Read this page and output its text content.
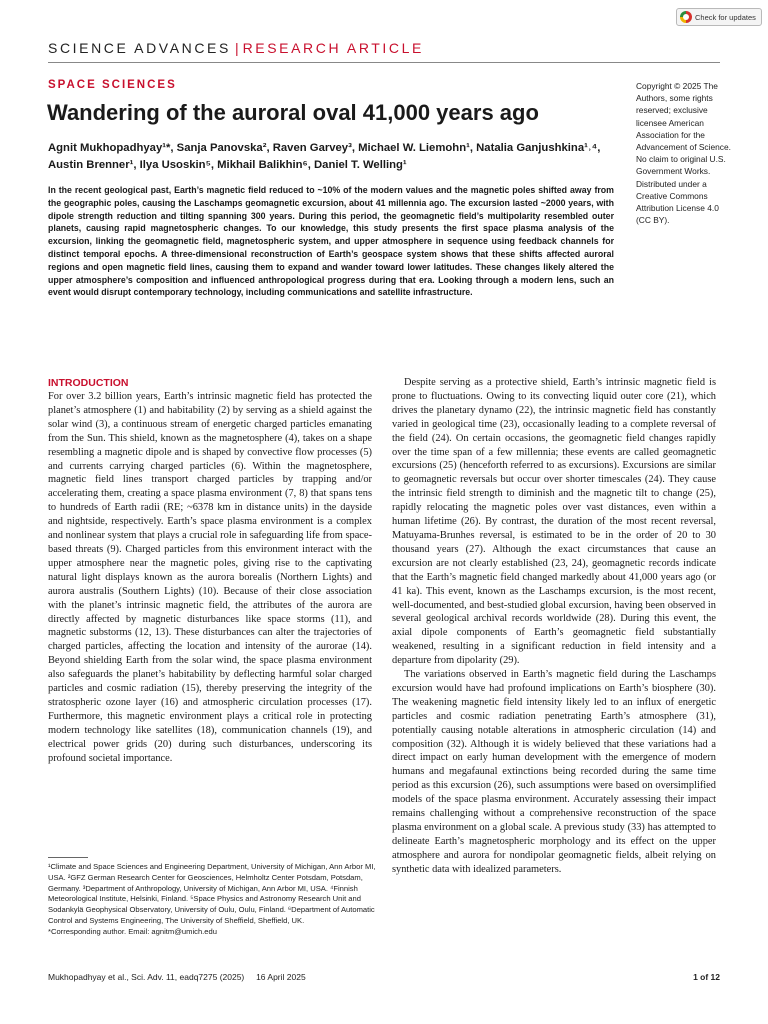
Check for updates
SCIENCE ADVANCES | RESEARCH ARTICLE
SPACE SCIENCES
Wandering of the auroral oval 41,000 years ago
Agnit Mukhopadhyay¹*, Sanja Panovska², Raven Garvey³, Michael W. Liemohn¹, Natalia Ganjushkina¹˒⁴, Austin Brenner¹, Ilya Usoskin⁵, Mikhail Balikhin⁶, Daniel T. Welling¹
Copyright © 2025 The Authors, some rights reserved; exclusive licensee American Association for the Advancement of Science. No claim to original U.S. Government Works. Distributed under a Creative Commons Attribution License 4.0 (CC BY).
In the recent geological past, Earth’s magnetic field reduced to ~10% of the modern values and the magnetic poles shifted away from the geographic poles, causing the Laschamps geomagnetic excursion, about 41 millennia ago. The excursion lasted ~2000 years, with dipole strength reduction and tilting spanning 300 years. During this period, the geomagnetic field’s multipolarity resembled outer planets, causing rapid magnetospheric changes. To our knowledge, this study presents the first space plasma analysis of the excursion, linking the geomagnetic field, magnetospheric system, and upper atmosphere in sequence using feedback channels for distinct temporal epochs. A three-dimensional reconstruction of Earth’s geospace system shows that these shifts affected auroral regions and open magnetic field lines, causing them to expand and wander toward lower latitudes. These changes likely altered the upper atmosphere’s composition and influenced anthropological progress during that era. Looking through a modern lens, such an event would disrupt contemporary technology, including communications and satellite infrastructure.
INTRODUCTION

For over 3.2 billion years, Earth’s intrinsic magnetic field has protected the planet’s atmosphere (1) and habitability (2) by serving as a shield against the solar wind (3), a continuous stream of energetic charged particles emanating from the Sun. This shield, known as the magnetosphere (4), takes on a shape resembling a magnetic dipole and is shaped by convective flow processes (5) and currents carrying charged particles (6). Within the magnetosphere, magnetic field lines transport charged particles by trapping and/or accelerating them, creating a space plasma environment (7, 8) that spans tens to hundreds of Earth radii (RE; ~6378 km in distance units) in the dayside and nightside, respectively. Earth’s space plasma environment is a complex and nonlinear system that plays a crucial role in safeguarding life from space-based threats (9). Charged particles from this environment interact with the upper atmosphere near the magnetic poles, giving rise to the captivating natural light displays known as the aurora borealis (Northern Lights) and aurora australis (Southern Lights) (10). Because of their close association with the planet’s intrinsic magnetic field, the attributes of the aurora are directly affected by magnetic disturbances like space storms (11), and magnetic substorms (12, 13). These disturbances can alter the trajectories of charged particles, affecting the location and intensity of the aurorae (14). Beyond shielding Earth from the solar wind, the space plasma environment also safeguards the planet’s habitability by deflecting harmful solar charged particles and cosmic radiation (15), thereby preserving the integrity of the stratospheric ozone layer (16) and atmospheric circulation processes (17). Furthermore, this magnetic environment plays a critical role in protecting modern technology like satellites (18), communication channels (19), and electrical power grids (20) during such disturbances, underscoring its profound societal importance.

Despite serving as a protective shield, Earth’s intrinsic magnetic field is prone to fluctuations. Owing to its convecting liquid outer core (21), which drives the planetary dynamo (22), the intrinsic magnetic field has constantly varied in geological time (23), occasionally leading to a complete reversal of the field (24). On certain occasions, the geomagnetic field changes rapidly over the time span of a few millennia; these events are called geomagnetic excursions (25) (henceforth referred to as excursions). Excursions are similar to geomagnetic reversals but occur over shorter timescales (24). They cause the intrinsic field strength to diminish and the magnetic tilt to change (25), rapidly relocating the magnetic poles over vast distances, even within a human lifetime (26). By contrast, the duration of the most recent reversal, Matuyama-Brunhes reversal, is estimated to be in the order of 20 to 30 thousand years (27). Although the exact circumstances that cause an excursion are not clearly established (23, 24), geomagnetic records indicate that the Earth’s magnetic field changed markedly about 41,000 years ago (or 41 ka). This event, known as the Laschamps excursion, is the most recent, well-documented, and best-studied global excursion, having been observed in several geological archival records worldwide (28). During this event, the axial dipole components of Earth’s geomagnetic field substantially weakened, resulting in a significant reduction in field intensity and a departure from dipolarity (29).

The variations observed in Earth’s magnetic field during the Laschamps excursion would have had profound implications on Earth’s biosphere (30). The weakening magnetic field intensity likely led to an influx of energetic particles and cosmic radiation penetrating Earth’s atmosphere (31), potentially causing notable alterations in atmospheric circulation (14) and composition (32). Although it is widely believed that these variations had a direct impact on early human development with the emergence of modern humans and megafaunal extinctions being recorded during the same time period as this excursion (26), such assumptions were based on oversimplified models of the space plasma environment. Accurately assessing their impact remains challenging without a comprehensive reconstruction of the space plasma environment on a global scale. A previous study (33) has attempted to delineate Earth’s magnetospheric morphology and its effect on the upper atmosphere and aurora for nondipolar geomagnetic fields, albeit relying on synthetic data with idealized parameters.

¹Climate and Space Sciences and Engineering Department, University of Michigan, Ann Arbor MI, USA. ²GFZ German Research Center for Geosciences, Helmholtz Center Potsdam, Potsdam, Germany. ³Department of Anthropology, University of Michigan, Ann Arbor MI, USA. ⁴Finnish Meteorological Institute, Helsinki, Finland. ⁵Space Physics and Astronomy Research Unit and Sodankylä Geophysical Observatory, University of Oulu, Oulu, Finland. ⁶Department of Automatic Control and Systems Engineering, The University of Sheffield, Sheffield, UK.
*Corresponding author. Email: agnitm@umich.edu
Mukhopadhyay et al., Sci. Adv. 11, eadq7275 (2025)     16 April 2025	1 of 12
